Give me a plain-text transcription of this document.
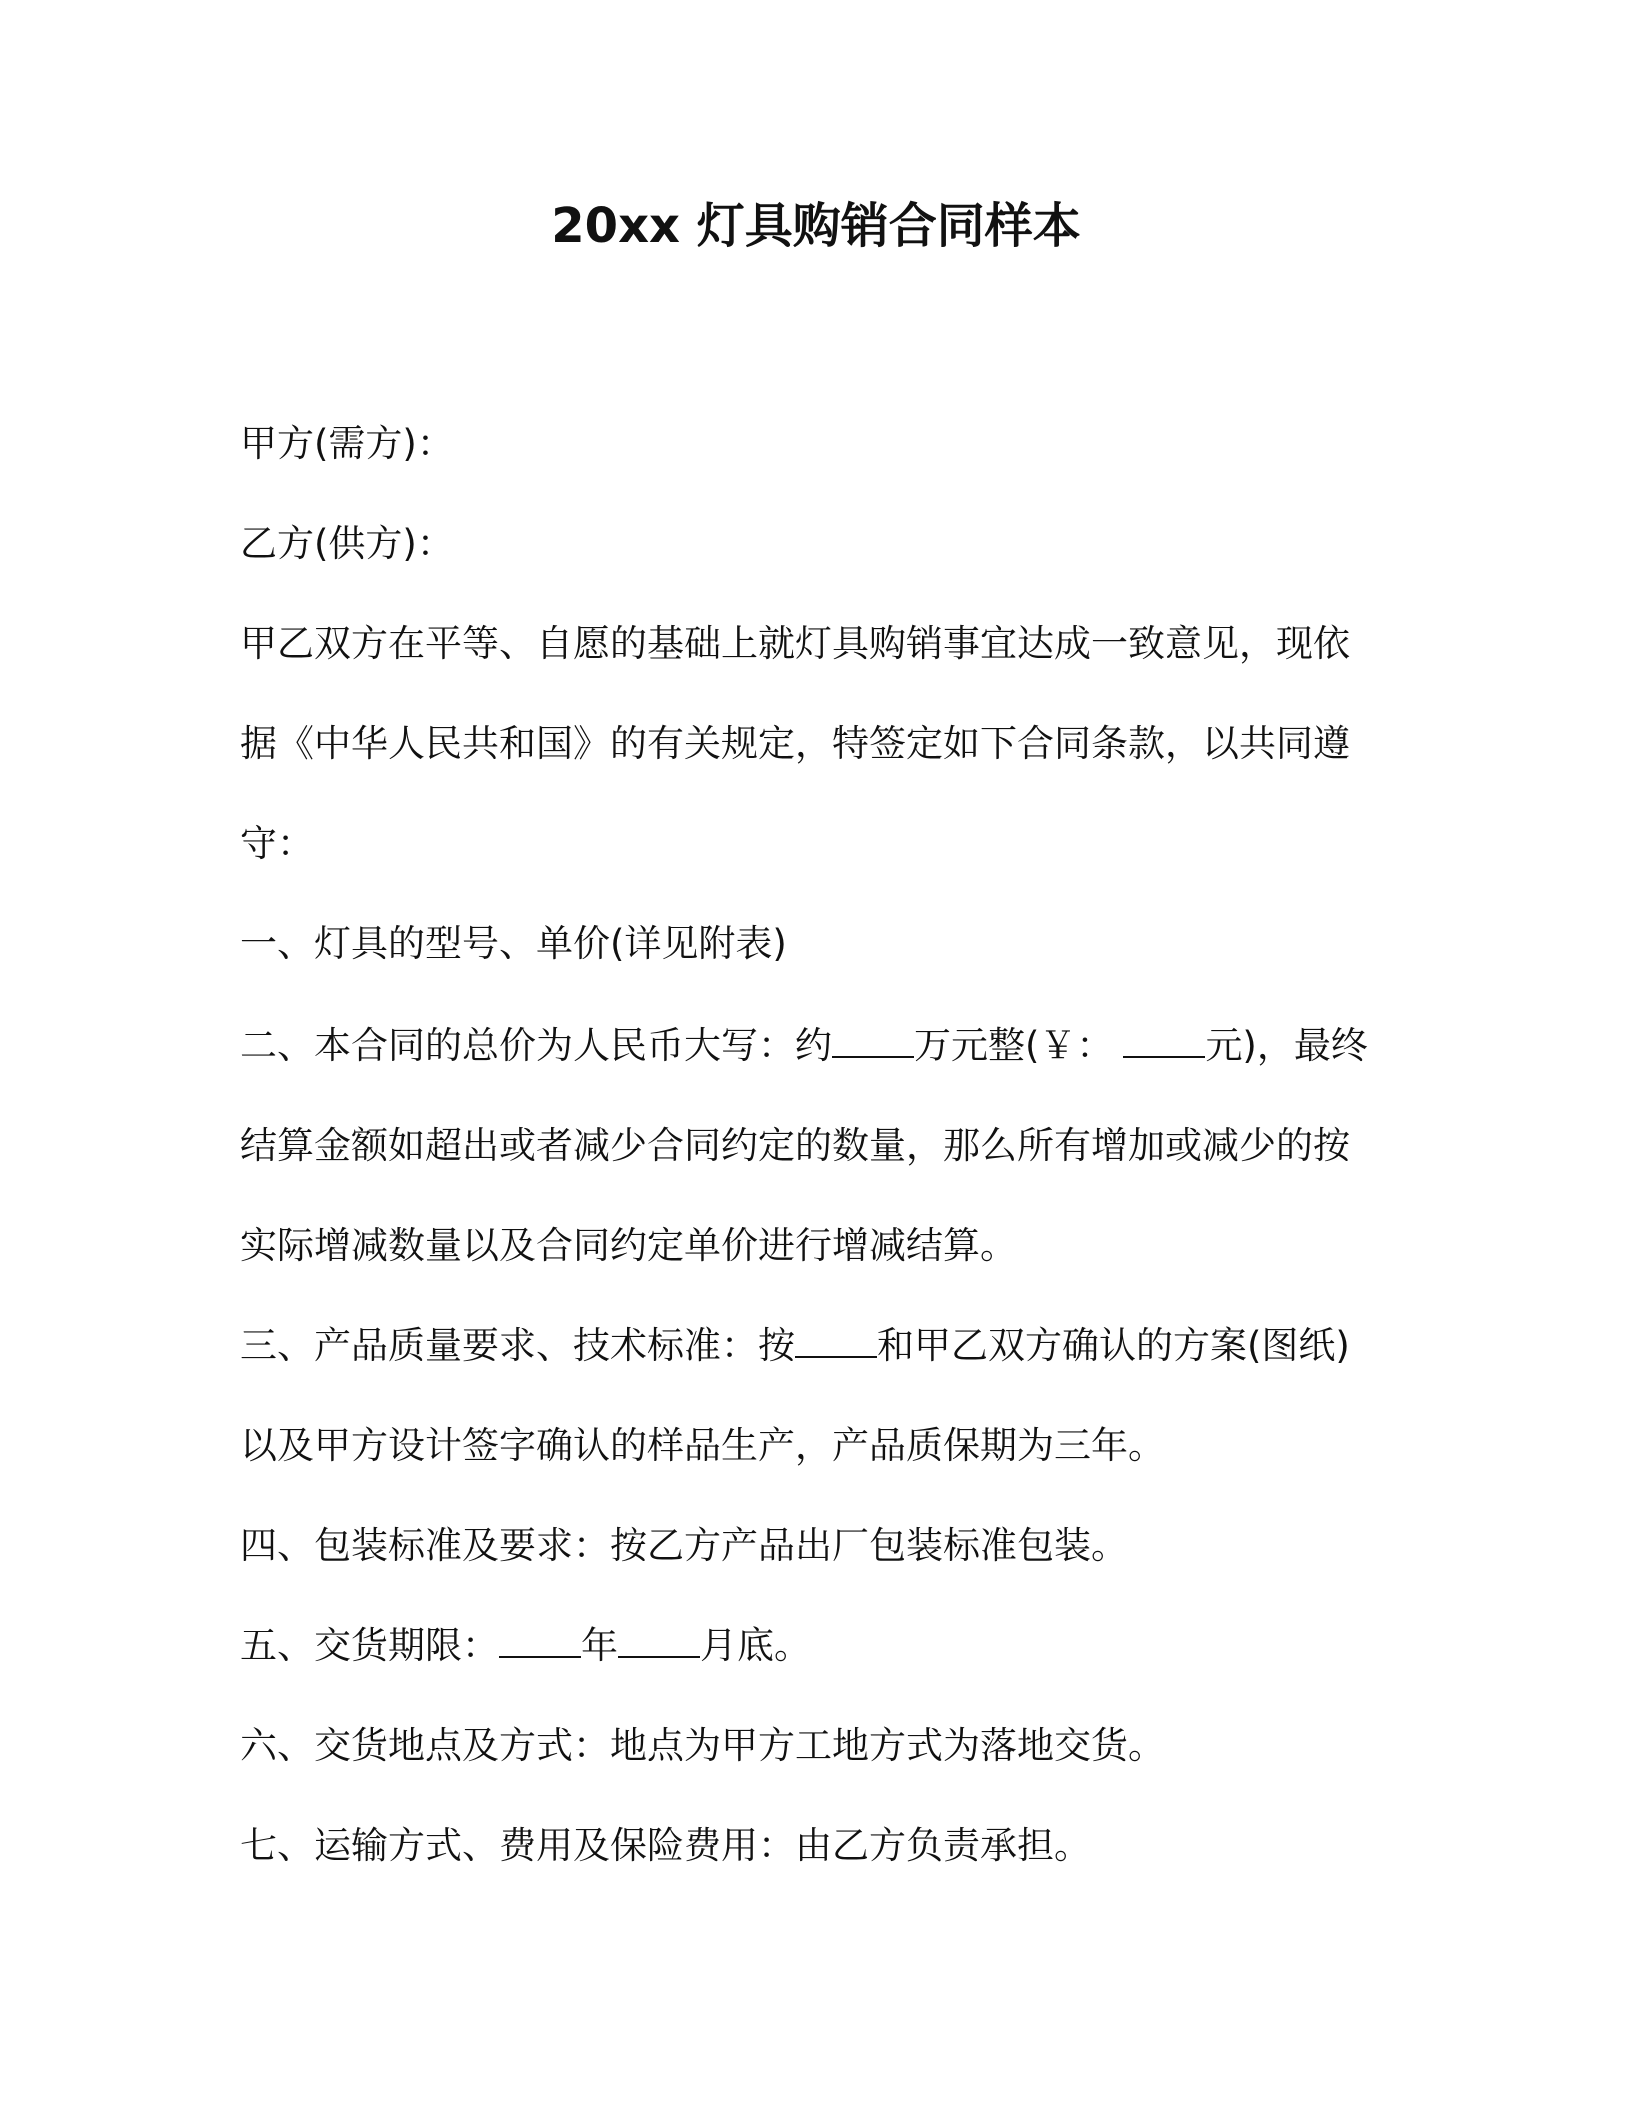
20xx 灯具购销合同样本

甲方(需方)：

乙方(供方)：

甲乙双方在平等、自愿的基础上就灯具购销事宜达成一致意见，现依

据《中华人民共和国》的有关规定，特签定如下合同条款，以共同遵

守：

一、灯具的型号、单价(详见附表)

二、本合同的总价为人民币大写：约 万元整(￥： 元)，最终

结算金额如超出或者减少合同约定的数量，那么所有增加或减少的按

实际增减数量以及合同约定单价进行增减结算。

三、产品质量要求、技术标准：按 和甲乙双方确认的方案(图纸)

以及甲方设计签字确认的样品生产，产品质保期为三年。

四、包装标准及要求：按乙方产品出厂包装标准包装。

五、交货期限： 年 月底。

六、交货地点及方式：地点为甲方工地方式为落地交货。

七、运输方式、费用及保险费用：由乙方负责承担。
